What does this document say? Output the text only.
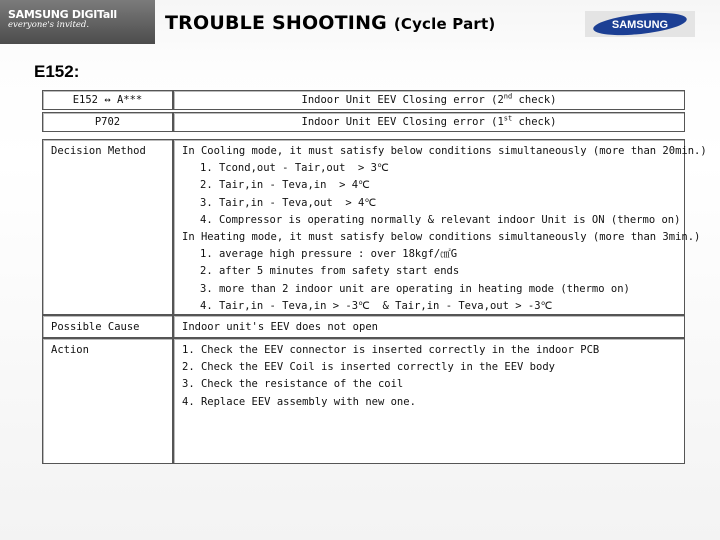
SAMSUNG DIGITall
everyone's invited.	TROUBLE SHOOTING (Cycle Part)	SAMSUNG
E152:
E152 ↔ A***	Indoor Unit EEV Closing error (2nd check)
P702	Indoor Unit EEV Closing error (1st check)
Decision Method	In Cooling mode, it must satisfy below conditions simultaneously (more than 20min.)
1. Tcond,out - Tair,out  > 3℃
2. Tair,in - Teva,in  > 4℃
3. Tair,in - Teva,out  > 4℃
4. Compressor is operating normally & relevant indoor Unit is ON (thermo on)
In Heating mode, it must satisfy below conditions simultaneously (more than 3min.)
1. average high pressure : over 18kgf/㎠G
2. after 5 minutes from safety start ends
3. more than 2 indoor unit are operating in heating mode (thermo on)
4. Tair,in - Teva,in > -3℃  & Tair,in - Teva,out > -3℃
Possible Cause	Indoor unit's EEV does not open
Action	1. Check the EEV connector is inserted correctly in the indoor PCB
2. Check the EEV Coil is inserted correctly in the EEV body
3. Check the resistance of the coil
4. Replace EEV assembly with new one.
